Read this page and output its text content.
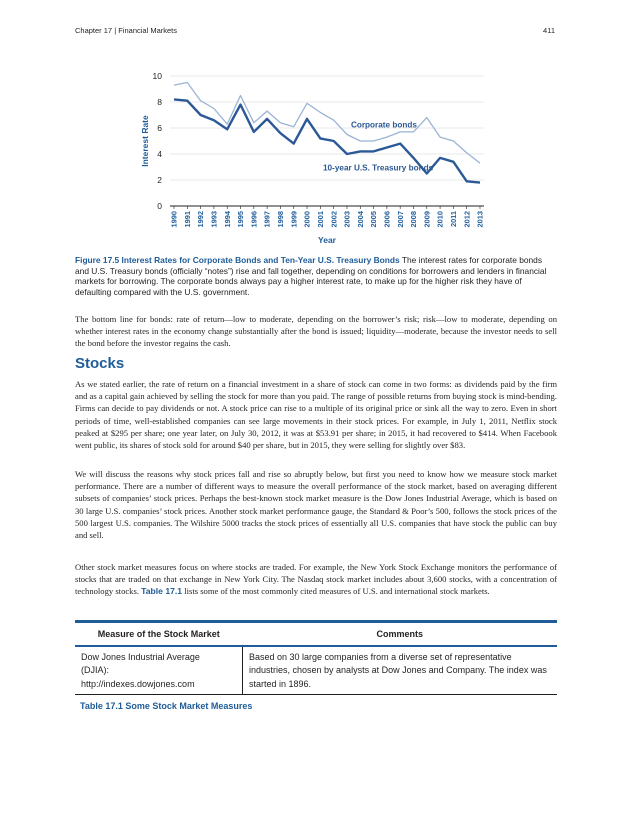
Chapter 17 | Financial Markets	411
0
2
4
6
8
10
1990 1991 1992 1993 1994 1995 1996 1997 1998 1999 2000 2001 2002 2003 2004 2005 2006 2007 2008 2009 2010 2011 2012 2013
Year
Interest Rate	Corporate bonds
10-year U.S. Treasury bonds
Figure 17.5 Interest Rates for Corporate Bonds and Ten-Year U.S. Treasury Bonds The interest rates for corporate bonds and U.S. Treasury bonds (officially “notes”) rise and fall together, depending on conditions for borrowers and lenders in financial markets for borrowing. The corporate bonds always pay a higher interest rate, to make up for the higher risk they have of defaulting compared with the U.S. government.

The bottom line for bonds: rate of return—low to moderate, depending on the borrower’s risk; risk—low to moderate, depending on whether interest rates in the economy change substantially after the bond is issued; liquidity—moderate, because the investor needs to sell the bond before the investor regains the cash.

Stocks

As we stated earlier, the rate of return on a financial investment in a share of stock can come in two forms: as dividends paid by the firm and as a capital gain achieved by selling the stock for more than you paid. The range of possible returns from buying stock is mind-bending. Firms can decide to pay dividends or not. A stock price can rise to a multiple of its original price or sink all the way to zero. Even in short periods of time, well-established companies can see large movements in their stock prices. For example, in July 1, 2011, Netflix stock peaked at $295 per share; one year later, on July 30, 2012, it was at $53.91 per share; in 2015, it had recovered to $414. When Facebook went public, its shares of stock sold for around $40 per share, but in 2015, they were selling for slightly over $83.

We will discuss the reasons why stock prices fall and rise so abruptly below, but first you need to know how we measure stock market performance. There are a number of different ways to measure the overall performance of the stock market, based on averaging different subsets of companies’ stock prices. Perhaps the best-known stock market measure is the Dow Jones Industrial Average, which is based on 30 large U.S. companies’ stock prices. Another stock market performance gauge, the Standard & Poor’s 500, follows the stock prices of the 500 largest U.S. companies. The Wilshire 5000 tracks the stock prices of essentially all U.S. companies that have stock the public can buy and sell.

Other stock market measures focus on where stocks are traded. For example, the New York Stock Exchange monitors the performance of stocks that are traded on that exchange in New York City. The Nasdaq stock market includes about 3,600 stocks, with a concentration of technology stocks. Table 17.1 lists some of the most commonly cited measures of U.S. and international stock markets.

Measure of the Stock Market	Comments
Dow Jones Industrial Average
(DJIA):
http://indexes.dowjones.com	Based on 30 large companies from a diverse set of representative industries, chosen by analysts at Dow Jones and Company. The index was started in 1896.
Table 17.1 Some Stock Market Measures
